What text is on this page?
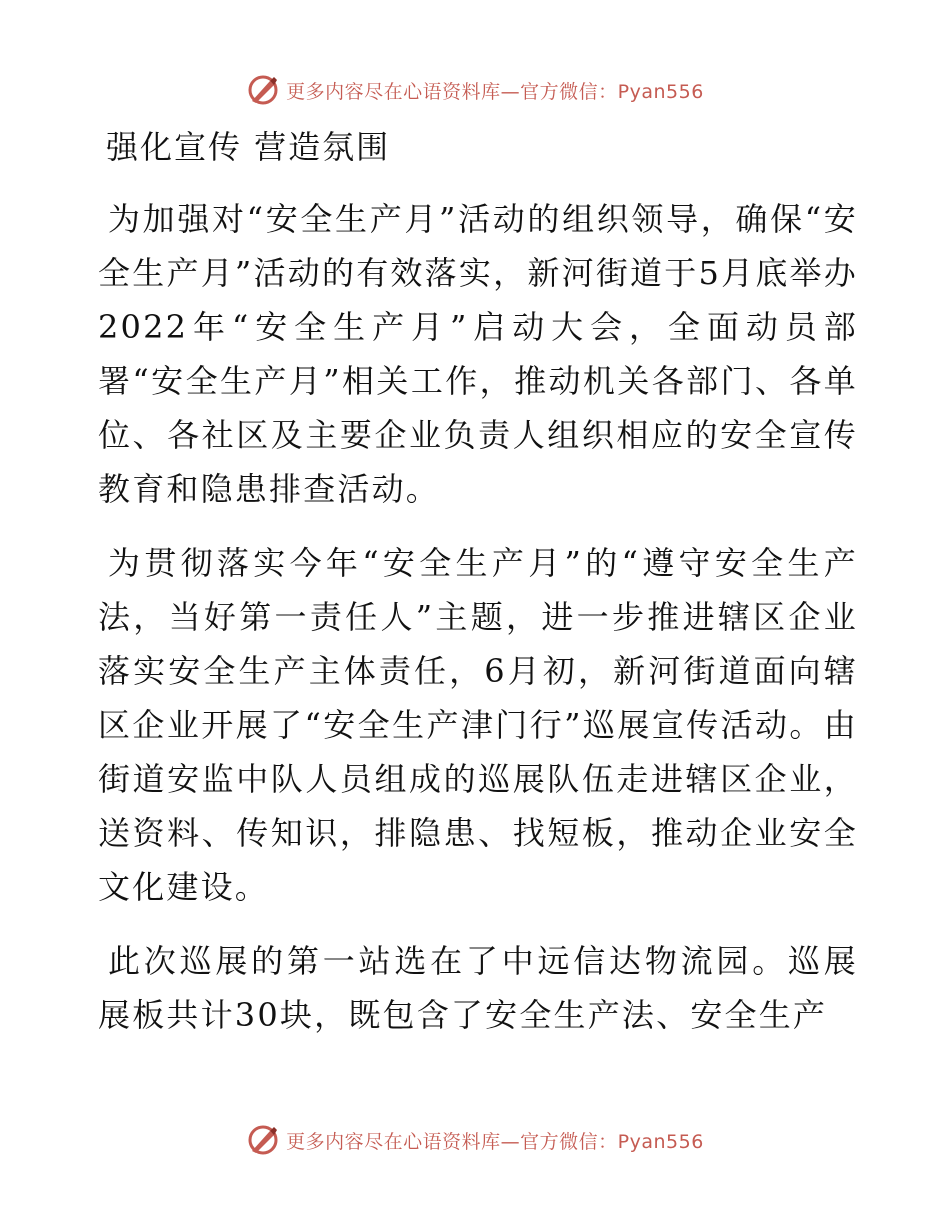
更多内容尽在心语资料库—官方微信：Pyan556
强化宣传 营造氛围

为加强对“安全生产月”活动的组织领导，确保“安全生产月”活动的有效落实，新河街道于5月底举办2022年“安全生产月”启动大会，全面动员部署“安全生产月”相关工作，推动机关各部门、各单位、各社区及主要企业负责人组织相应的安全宣传教育和隐患排查活动。

为贯彻落实今年“安全生产月”的“遵守安全生产法，当好第一责任人”主题，进一步推进辖区企业落实安全生产主体责任，6月初，新河街道面向辖区企业开展了“安全生产津门行”巡展宣传活动。由街道安监中队人员组成的巡展队伍走进辖区企业，送资料、传知识，排隐患、找短板，推动企业安全文化建设。

此次巡展的第一站选在了中远信达物流园。巡展展板共计30块，既包含了安全生产法、安全生产

更多内容尽在心语资料库—官方微信：Pyan556
